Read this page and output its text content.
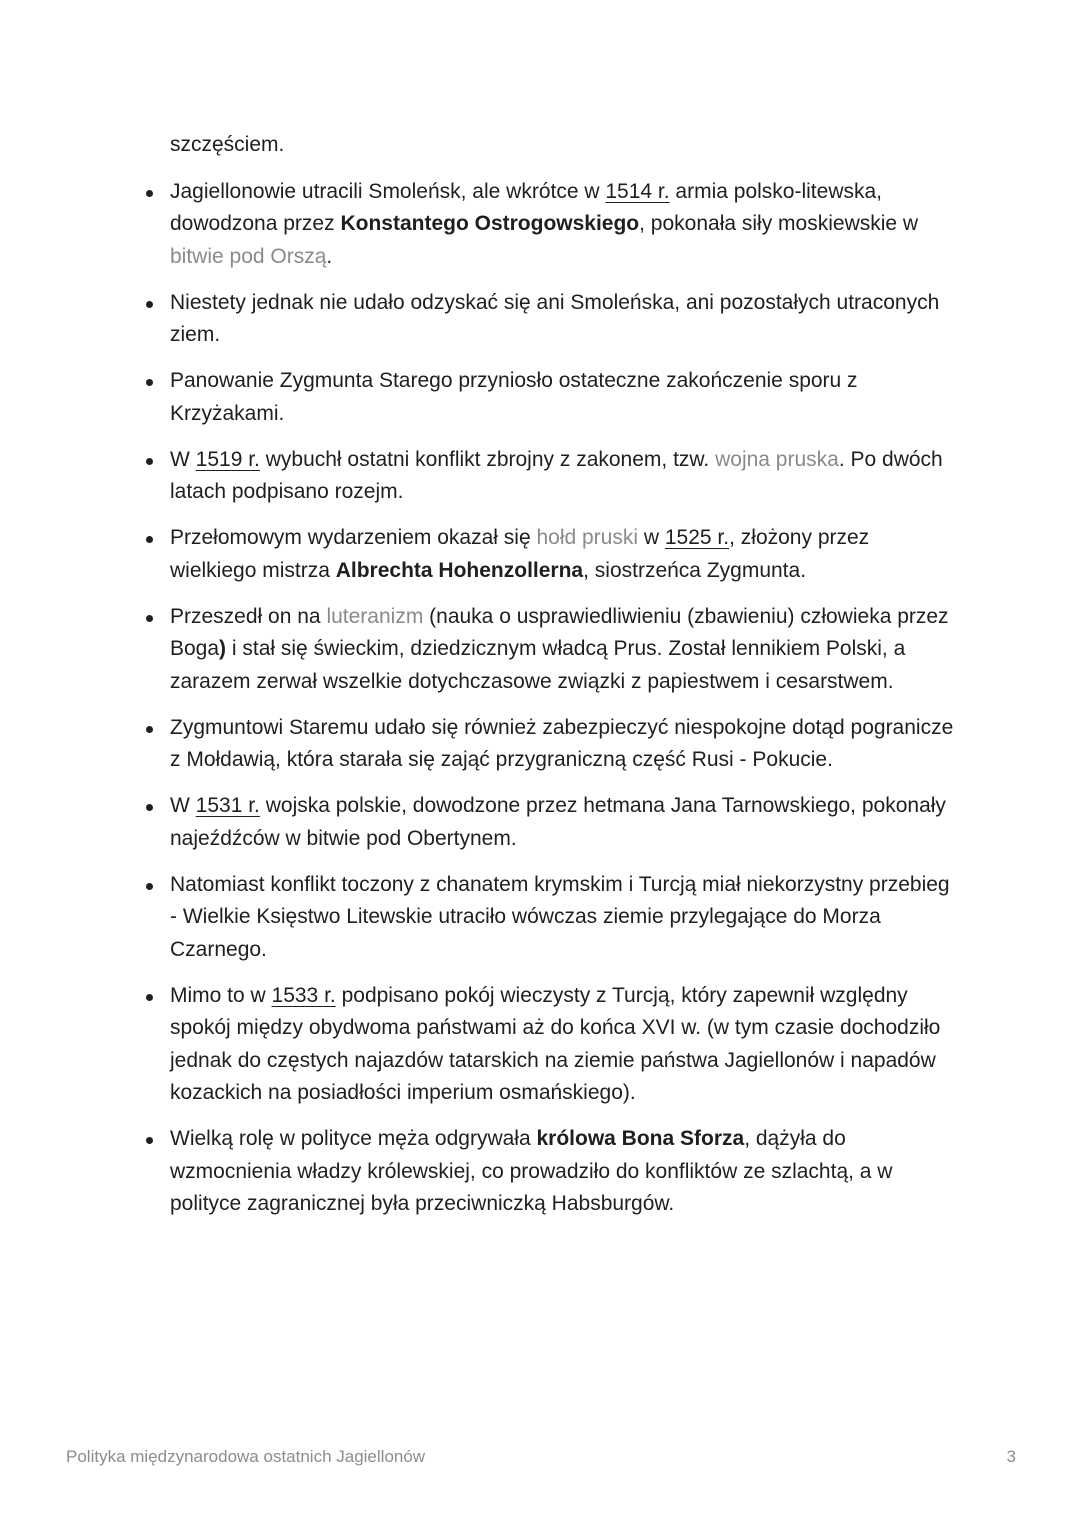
szczęściem.

Jagiellonowie utracili Smoleńsk, ale wkrótce w 1514 r. armia polsko-litewska, dowodzona przez Konstantego Ostrogowskiego, pokonała siły moskiewskie w bitwie pod Orszą.
Niestety jednak nie udało odzyskać się ani Smoleńska, ani pozostałych utraconych ziem.
Panowanie Zygmunta Starego przyniosło ostateczne zakończenie sporu z Krzyżakami.
W 1519 r. wybuchł ostatni konflikt zbrojny z zakonem, tzw. wojna pruska. Po dwóch latach podpisano rozejm.
Przełomowym wydarzeniem okazał się hołd pruski w 1525 r., złożony przez wielkiego mistrza Albrechta Hohenzollerna, siostrzeńca Zygmunta.
Przeszedł on na luteranizm (nauka o usprawiedliwieniu (zbawieniu) człowieka przez Boga) i stał się świeckim, dziedzicznym władcą Prus. Został lennikiem Polski, a zarazem zerwał wszelkie dotychczasowe związki z papiestwem i cesarstwem.
Zygmuntowi Staremu udało się również zabezpieczyć niespokojne dotąd pogranicze z Mołdawią, która starała się zająć przygraniczną część Rusi - Pokucie.
W 1531 r. wojska polskie, dowodzone przez hetmana Jana Tarnowskiego, pokonały najeźdźców w bitwie pod Obertynem.
Natomiast konflikt toczony z chanatem krymskim i Turcją miał niekorzystny przebieg - Wielkie Księstwo Litewskie utraciło wówczas ziemie przylegające do Morza Czarnego.
Mimo to w 1533 r. podpisano pokój wieczysty z Turcją, który zapewnił względny spokój między obydwoma państwami aż do końca XVI w. (w tym czasie dochodziło jednak do częstych najazdów tatarskich na ziemie państwa Jagiellonów i napadów kozackich na posiadłości imperium osmańskiego).
Wielką rolę w polityce męża odgrywała królowa Bona Sforza, dążyła do wzmocnienia władzy królewskiej, co prowadziło do konfliktów ze szlachtą, a w polityce zagranicznej była przeciwniczką Habsburgów.
Polityka międzynarodowa ostatnich Jagiellonów	3
